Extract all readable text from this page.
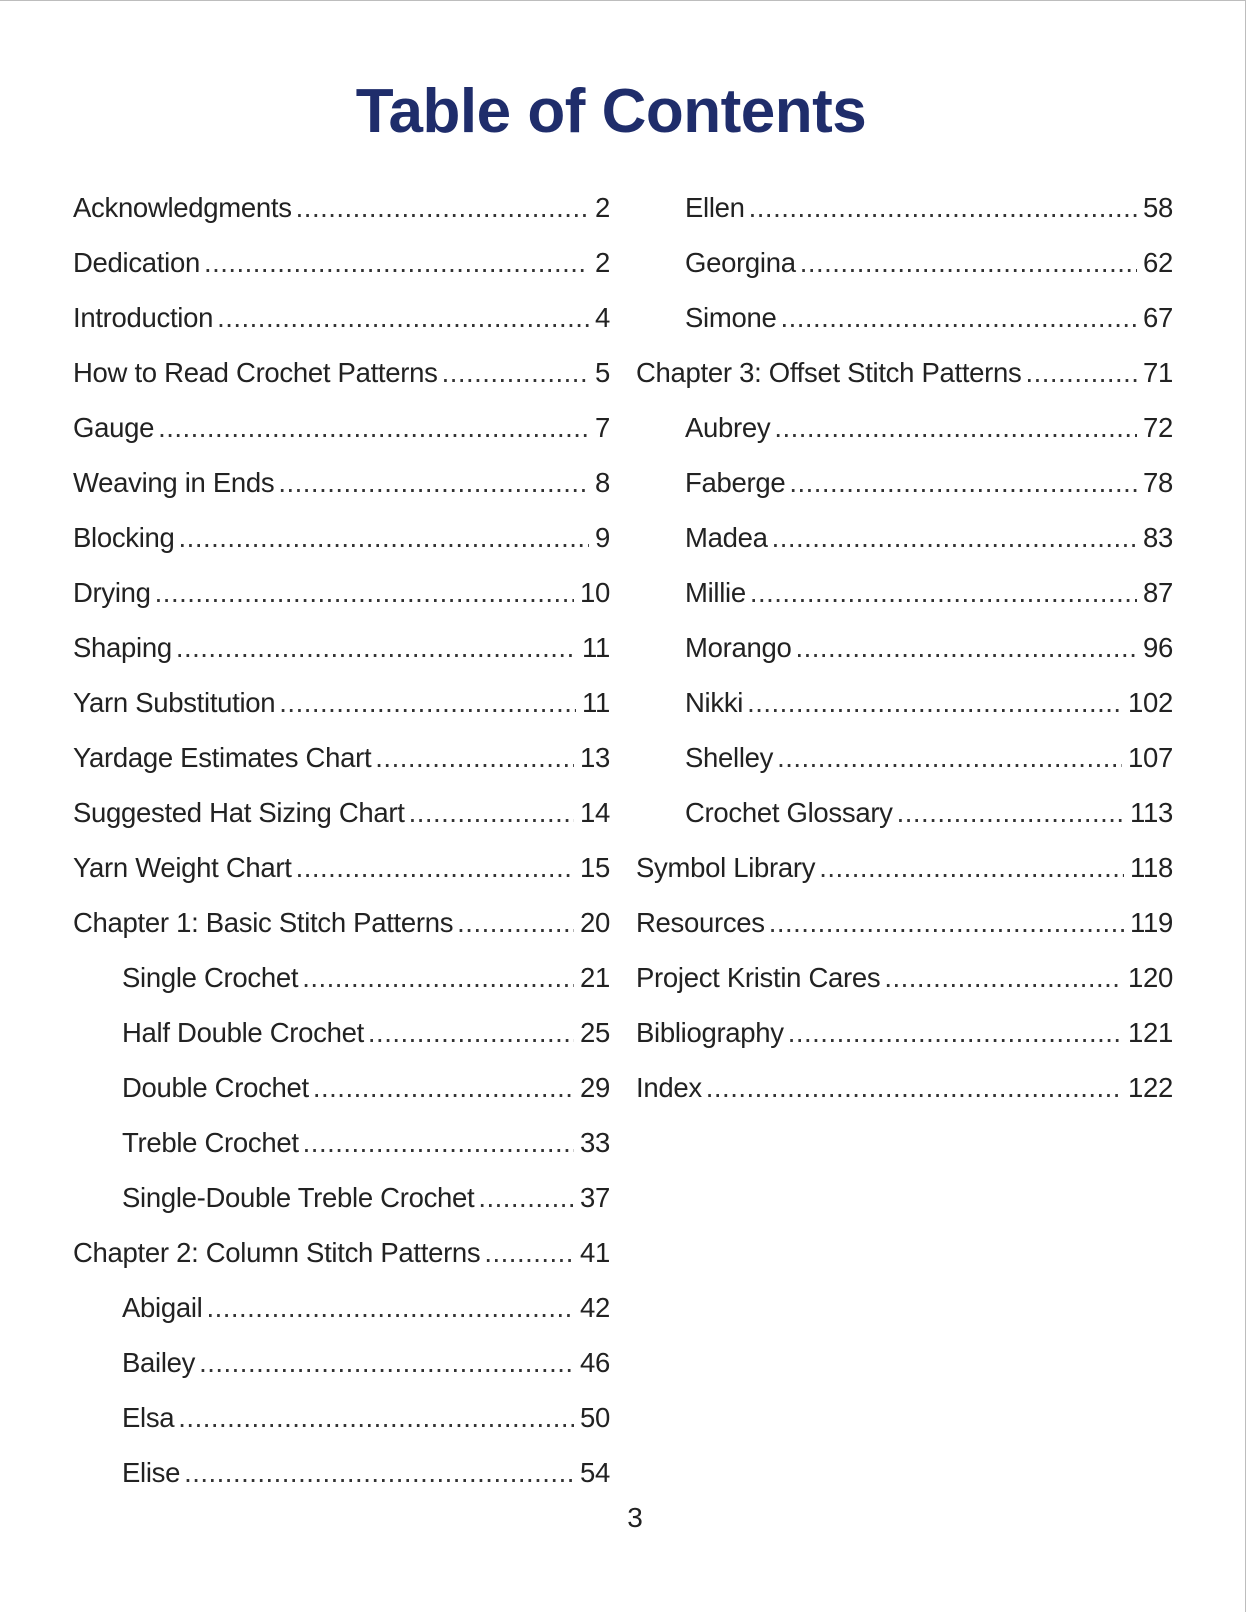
Table of Contents
Acknowledgments .....	2
Dedication .....	2
Introduction .....	4
How to Read Crochet Patterns .....	5
Gauge .....	7
Weaving in Ends .....	8
Blocking .....	9
Drying .....	10
Shaping .....	11
Yarn Substitution .....	11
Yardage Estimates Chart .....	13
Suggested Hat Sizing Chart .....	14
Yarn Weight Chart .....	15
Chapter 1: Basic Stitch Patterns .....	20
Single Crochet .....	21
Half Double Crochet .....	25
Double Crochet .....	29
Treble Crochet .....	33
Single-Double Treble Crochet .....	37
Chapter 2: Column Stitch Patterns .....	41
Abigail .....	42
Bailey .....	46
Elsa .....	50
Elise .....	54
Ellen .....	58
Georgina .....	62
Simone .....	67
Chapter 3: Offset Stitch Patterns .....	71
Aubrey .....	72
Faberge .....	78
Madea .....	83
Millie .....	87
Morango .....	96
Nikki .....	102
Shelley .....	107
Crochet Glossary .....	113
Symbol Library .....	118
Resources .....	119
Project Kristin Cares .....	120
Bibliography .....	121
Index .....	122
3
